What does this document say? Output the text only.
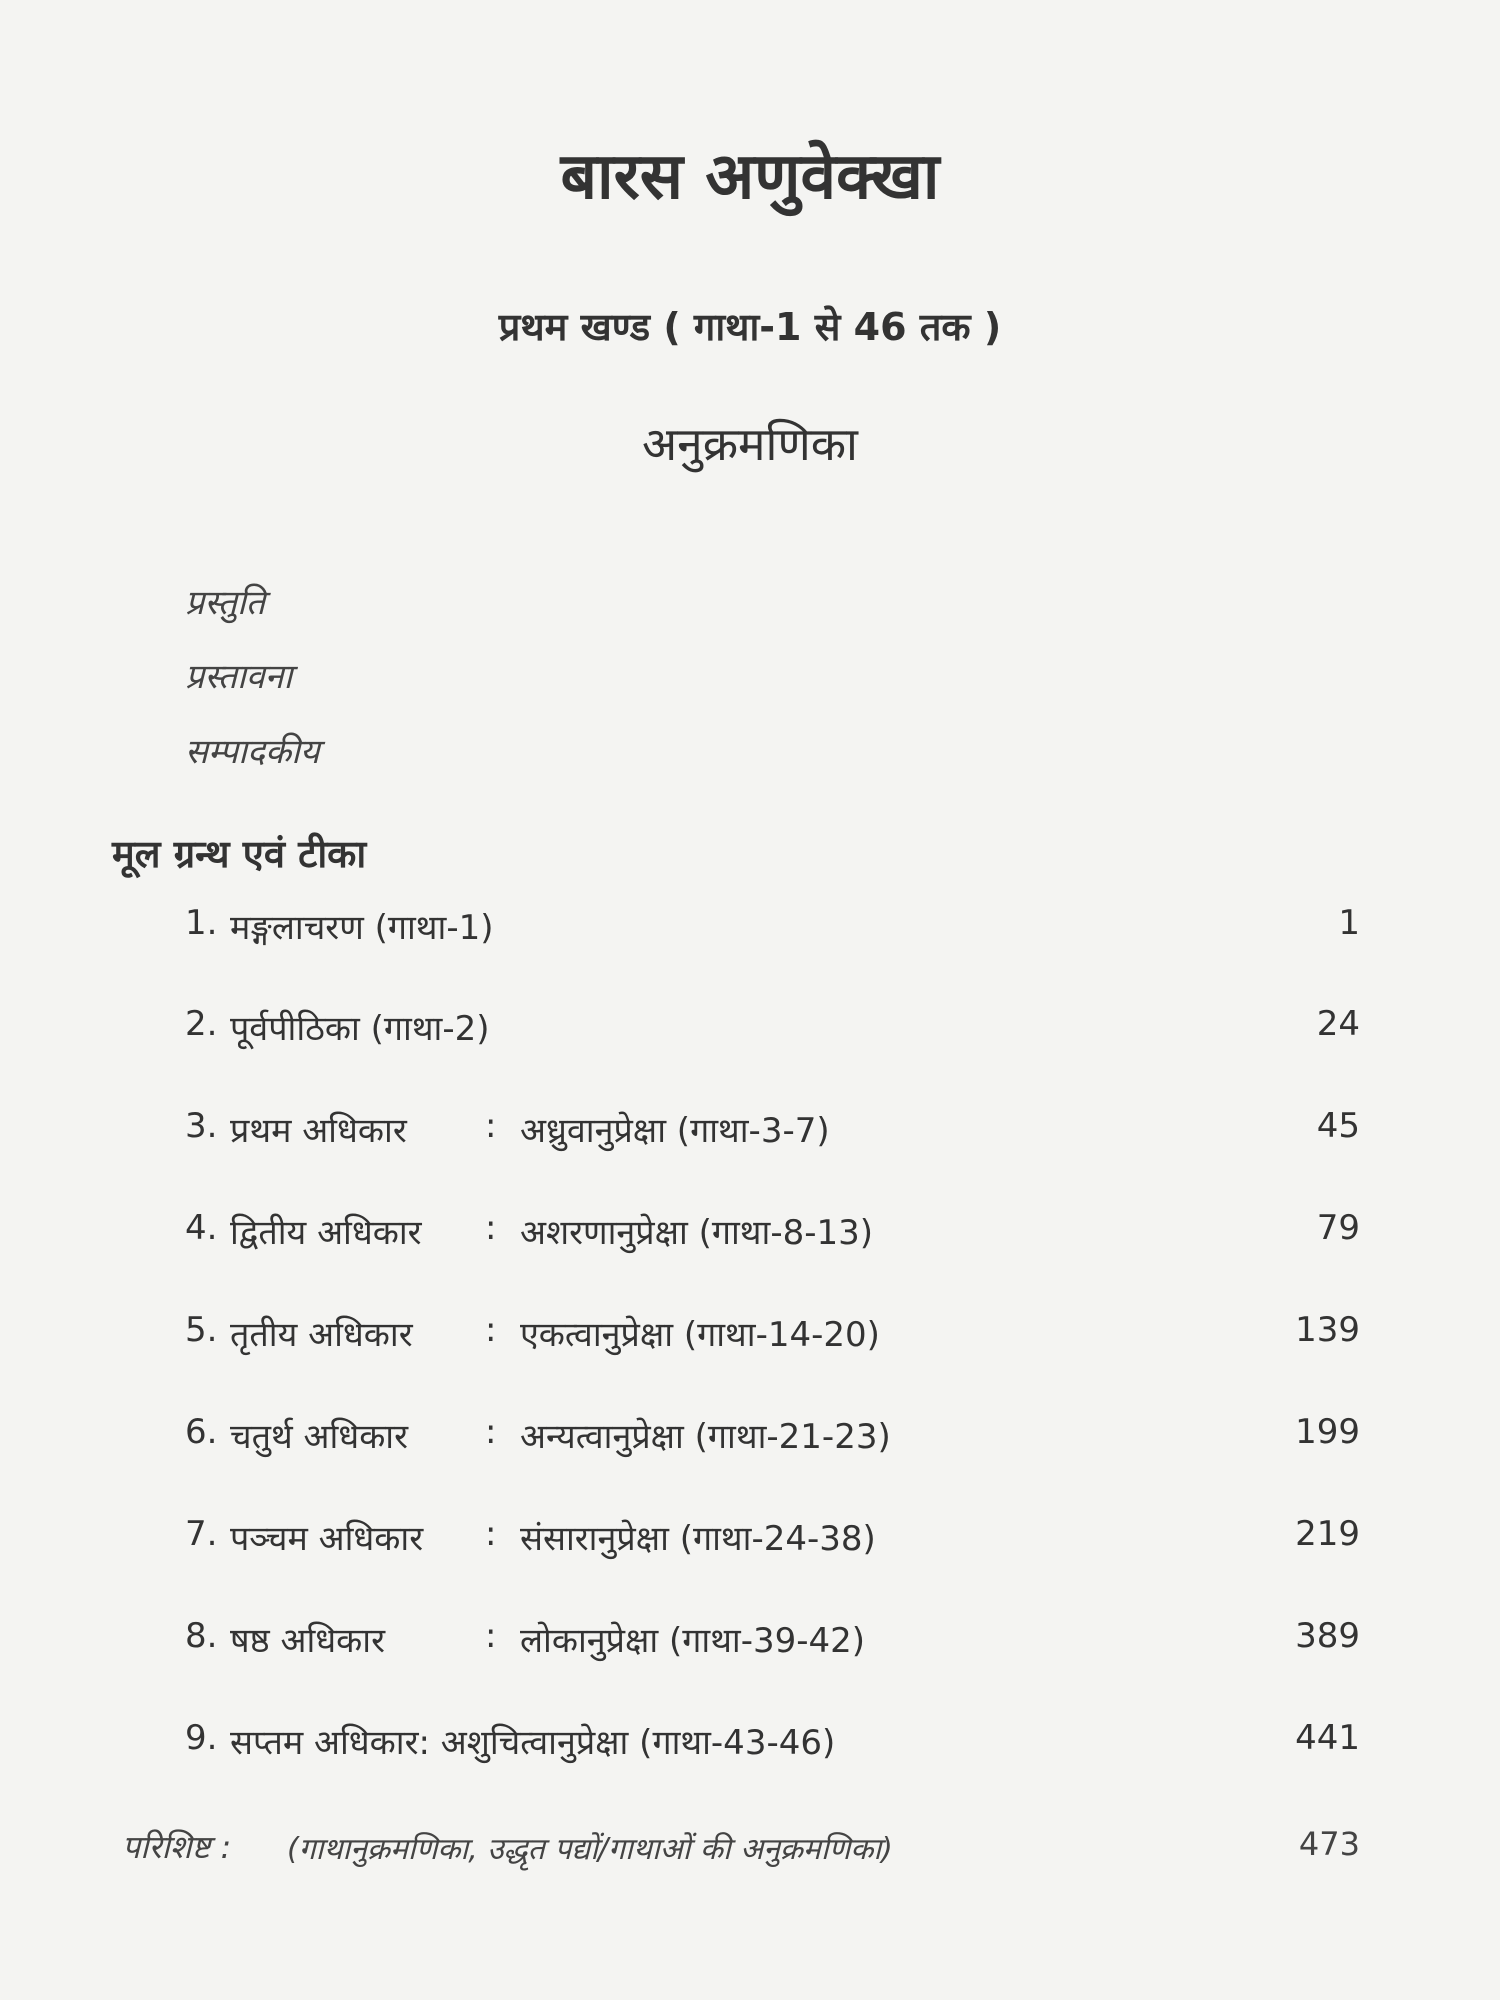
बारस अणुवेक्खा
प्रथम खण्ड ( गाथा-1 से 46 तक )
अनुक्रमणिका
प्रस्तुति
प्रस्तावना
सम्पादकीय
मूल ग्रन्थ एवं टीका
1. मङ्गलाचरण (गाथा-1)	1
2. पूर्वपीठिका (गाथा-2)	24
3. प्रथम अधिकार : अध्रुवानुप्रेक्षा (गाथा-3-7)	45
4. द्वितीय अधिकार : अशरणानुप्रेक्षा (गाथा-8-13)	79
5. तृतीय अधिकार : एकत्वानुप्रेक्षा (गाथा-14-20)	139
6. चतुर्थ अधिकार : अन्यत्वानुप्रेक्षा (गाथा-21-23)	199
7. पञ्चम अधिकार : संसारानुप्रेक्षा (गाथा-24-38)	219
8. षष्ठ अधिकार	: लोकानुप्रेक्षा (गाथा-39-42)	389
9. सप्तम अधिकार: अशुचित्वानुप्रेक्षा (गाथा-43-46)	441
परिशिष्ट : (गाथानुक्रमणिका, उद्धृत पद्यों/गाथाओं की अनुक्रमणिका)	473
